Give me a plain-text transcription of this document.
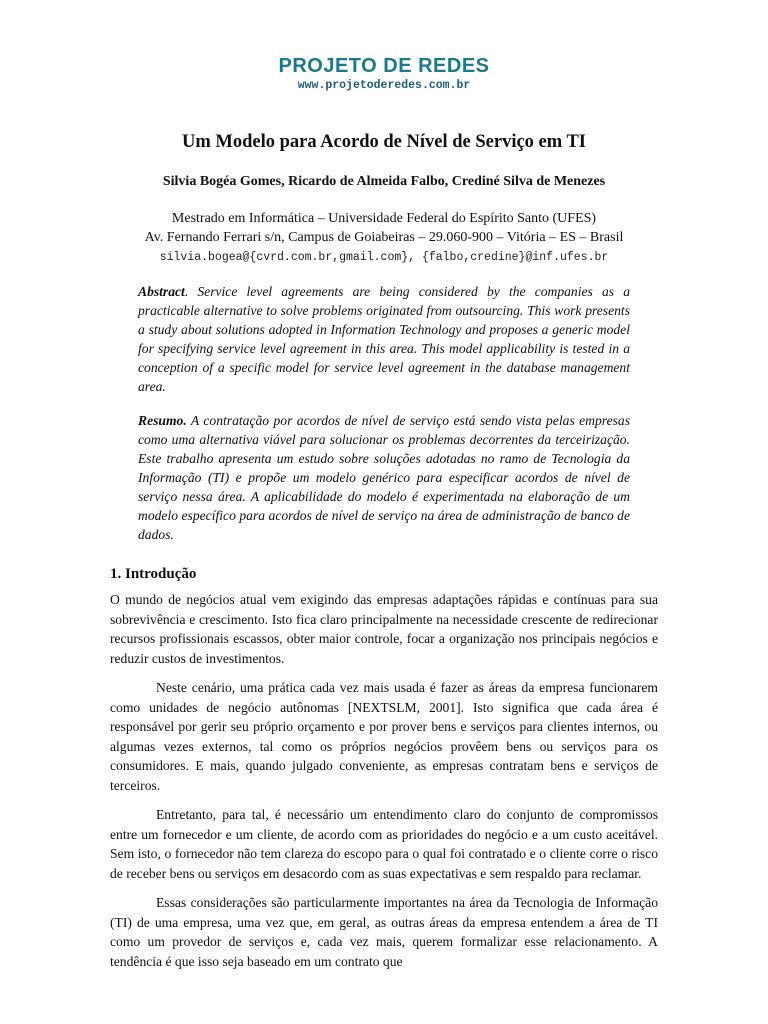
PROJETO DE REDES
www.projetoderedes.com.br
Um Modelo para Acordo de Nível de Serviço em TI
Silvia Bogéa Gomes, Ricardo de Almeida Falbo, Crediné Silva de Menezes
Mestrado em Informática – Universidade Federal do Espírito Santo (UFES)
Av. Fernando Ferrari s/n, Campus de Goiabeiras – 29.060-900 – Vitória – ES – Brasil
silvia.bogea@{cvrd.com.br,gmail.com}, {falbo,credine}@inf.ufes.br
Abstract. Service level agreements are being considered by the companies as a practicable alternative to solve problems originated from outsourcing. This work presents a study about solutions adopted in Information Technology and proposes a generic model for specifying service level agreement in this area. This model applicability is tested in a conception of a specific model for service level agreement in the database management area.
Resumo. A contratação por acordos de nível de serviço está sendo vista pelas empresas como uma alternativa viável para solucionar os problemas decorrentes da terceirização. Este trabalho apresenta um estudo sobre soluções adotadas no ramo de Tecnologia da Informação (TI) e propõe um modelo genérico para especificar acordos de nível de serviço nessa área. A aplicabilidade do modelo é experimentada na elaboração de um modelo específico para acordos de nível de serviço na área de administração de banco de dados.
1. Introdução
O mundo de negócios atual vem exigindo das empresas adaptações rápidas e contínuas para sua sobrevivência e crescimento. Isto fica claro principalmente na necessidade crescente de redirecionar recursos profissionais escassos, obter maior controle, focar a organização nos principais negócios e reduzir custos de investimentos.
Neste cenário, uma prática cada vez mais usada é fazer as áreas da empresa funcionarem como unidades de negócio autônomas [NEXTSLM, 2001]. Isto significa que cada área é responsável por gerir seu próprio orçamento e por prover bens e serviços para clientes internos, ou algumas vezes externos, tal como os próprios negócios provêem bens ou serviços para os consumidores. E mais, quando julgado conveniente, as empresas contratam bens e serviços de terceiros.
Entretanto, para tal, é necessário um entendimento claro do conjunto de compromissos entre um fornecedor e um cliente, de acordo com as prioridades do negócio e a um custo aceitável. Sem isto, o fornecedor não tem clareza do escopo para o qual foi contratado e o cliente corre o risco de receber bens ou serviços em desacordo com as suas expectativas e sem respaldo para reclamar.
Essas considerações são particularmente importantes na área da Tecnologia de Informação (TI) de uma empresa, uma vez que, em geral, as outras áreas da empresa entendem a área de TI como um provedor de serviços e, cada vez mais, querem formalizar esse relacionamento. A tendência é que isso seja baseado em um contrato que
